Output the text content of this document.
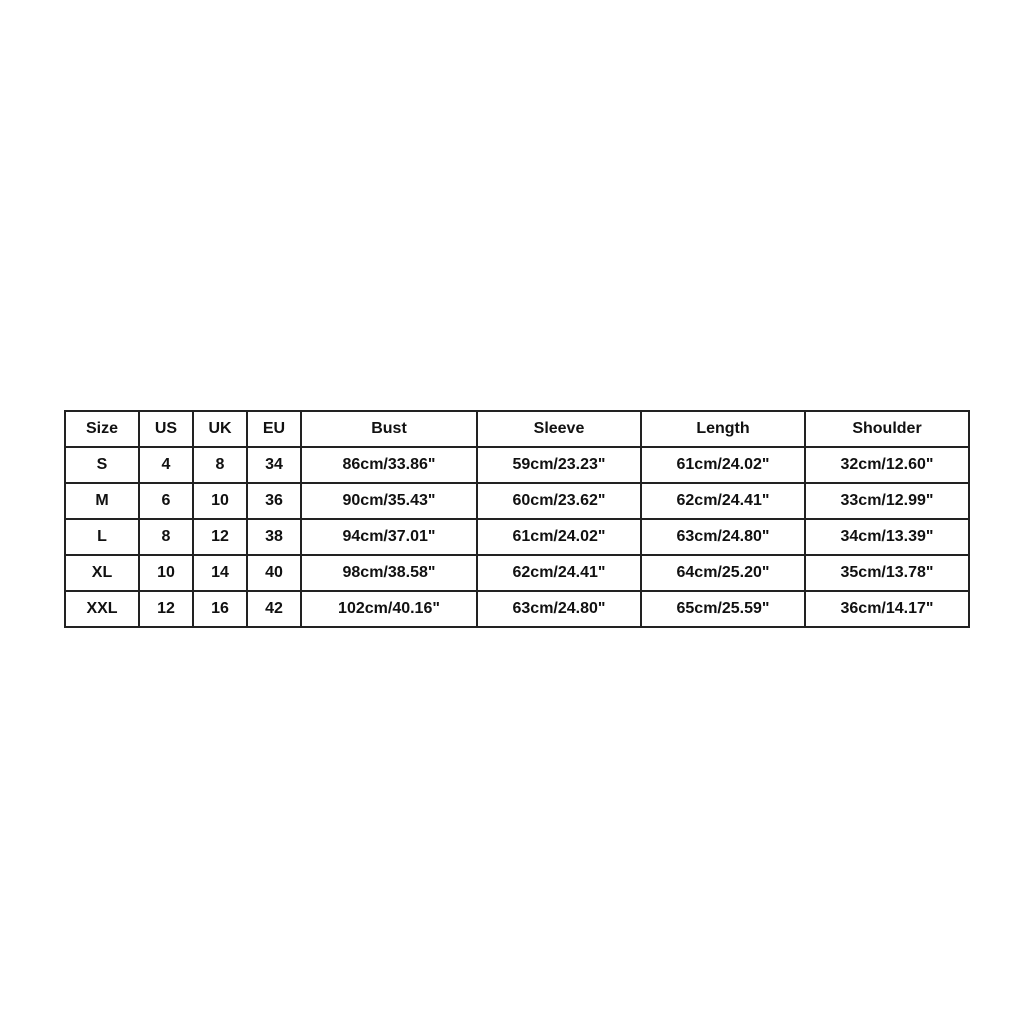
Size	US	UK	EU	Bust	Sleeve	Length	Shoulder
S	4	8	34	86cm/33.86"	59cm/23.23"	61cm/24.02"	32cm/12.60"
M	6	10	36	90cm/35.43"	60cm/23.62"	62cm/24.41"	33cm/12.99"
L	8	12	38	94cm/37.01"	61cm/24.02"	63cm/24.80"	34cm/13.39"
XL	10	14	40	98cm/38.58"	62cm/24.41"	64cm/25.20"	35cm/13.78"
XXL	12	16	42	102cm/40.16"	63cm/24.80"	65cm/25.59"	36cm/14.17"
